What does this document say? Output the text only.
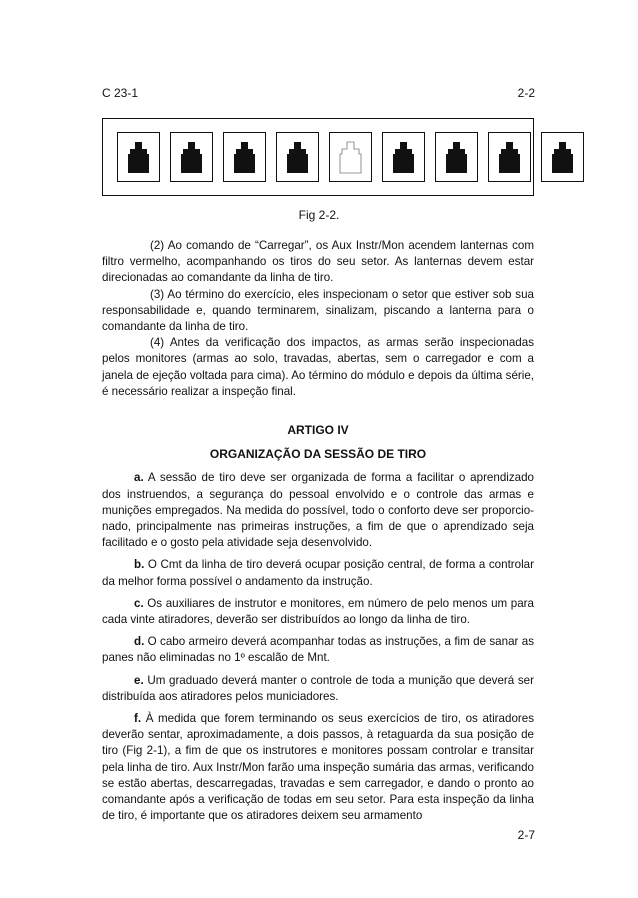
C 23-1	2-2
Fig 2-2.

(2) Ao comando de “Carregar”, os Aux Instr/Mon acendem lanternas com filtro vermelho, acompanhando os tiros do seu setor. As lanternas devem estar direcionadas ao comandante da linha de tiro.

(3) Ao término do exercício, eles inspecionam o setor que estiver sob sua responsabilidade e, quando terminarem, sinalizam, piscando a lanterna para o comandante da linha de tiro.

(4) Antes da verificação dos impactos, as armas serão inspecionadas pelos monitores (armas ao solo, travadas, abertas, sem o carregador e com a janela de ejeção voltada para cima). Ao término do módulo e depois da última série, é necessário realizar a inspeção final.

ARTIGO IV
ORGANIZAÇÃO DA SESSÃO DE TIRO

a. A sessão de tiro deve ser organizada de forma a facilitar o aprendizado dos instruendos, a segurança do pessoal envolvido e o controle das armas e munições empregados. Na medida do possível, todo o conforto deve ser proporcio-nado, principalmente nas primeiras instruções, a fim de que o aprendizado seja facilitado e o gosto pela atividade seja desenvolvido.

b. O Cmt da linha de tiro deverá ocupar posição central, de forma a controlar da melhor forma possível o andamento da instrução.

c. Os auxiliares de instrutor e monitores, em número de pelo menos um para cada vinte atiradores, deverão ser distribuídos ao longo da linha de tiro.

d. O cabo armeiro deverá acompanhar todas as instruções, a fim de sanar as panes não eliminadas no 1º escalão de Mnt.

e. Um graduado deverá manter o controle de toda a munição que deverá ser distribuída aos atiradores pelos municiadores.

f. À medida que forem terminando os seus exercícios de tiro, os atiradores deverão sentar, aproximadamente, a dois passos, à retaguarda da sua posição de tiro (Fig 2-1), a fim de que os instrutores e monitores possam controlar e transitar pela linha de tiro. Aux Instr/Mon farão uma inspeção sumária das armas, verificando se estão abertas, descarregadas, travadas e sem carregador, e dando o pronto ao comandante após a verificação de todas em seu setor. Para esta inspeção da linha de tiro, é importante que os atiradores deixem seu armamento

2-7
